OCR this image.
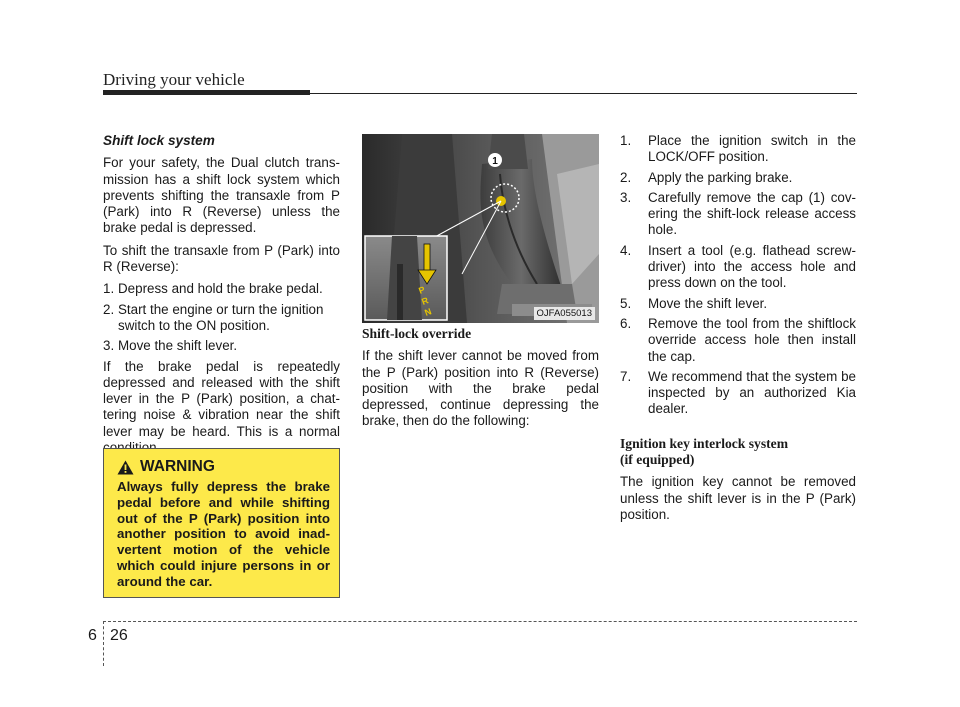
Driving your vehicle

Shift lock system

For your safety, the Dual clutch transmission has a shift lock system which prevents shifting the transaxle from P (Park) into R (Reverse) unless the brake pedal is depressed.

To shift the transaxle from P (Park) into R (Reverse):

1. Depress and hold the brake pedal.
2. Start the engine or turn the ignition switch to the ON position.
3. Move the shift lever.

If the brake pedal is repeatedly depressed and released with the shift lever in the P (Park) position, a chattering noise & vibration near the shift lever may be heard. This is a normal

WARNING
Always fully depress the brake pedal before and while shifting out of the P (Park) position into another position to avoid inadvertent motion of the vehicle which could injure persons in or around the car.
1
P
R
N	OJFA055013

Shift-lock override

If the shift lever cannot be moved from the P (Park) position into R (Reverse) position with the brake pedal depressed, continue depressing the brake, then do the following:

1. Place the ignition switch in the LOCK/OFF position.
2. Apply the parking brake.
3. Carefully remove the cap (1) covering the shift-lock release access hole.
4. Insert a tool (e.g. flathead screwdriver) into the access hole and press down on the tool.
5. Move the shift lever.
6. Remove the tool from the shiftlock override access hole then install the cap.
7. We recommend that the system be inspected by an authorized Kia dealer.

Ignition key interlock system

(if equipped)

The ignition key cannot be removed unless the shift lever is in the P (Park) position.

6 26
